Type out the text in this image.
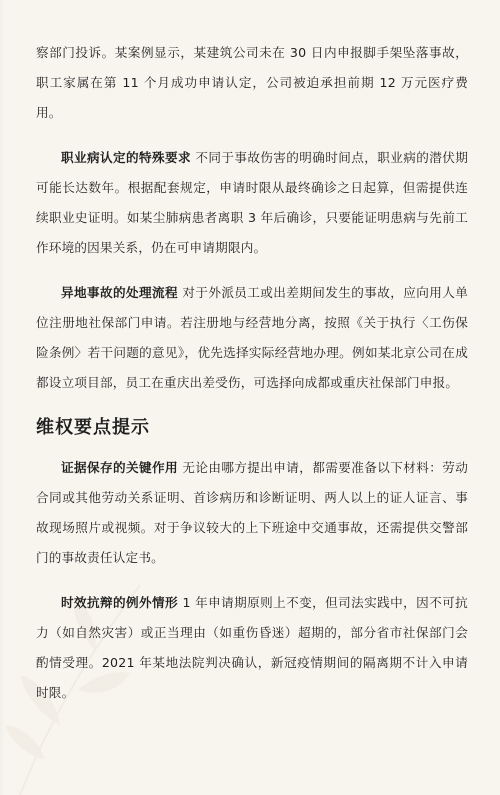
察部门投诉。某案例显示，某建筑公司未在 30 日内申报脚手架坠落事故，职工家属在第 11 个月成功申请认定，公司被迫承担前期 12 万元医疗费用。

职业病认定的特殊要求 不同于事故伤害的明确时间点，职业病的潜伏期可能长达数年。根据配套规定，申请时限从最终确诊之日起算，但需提供连续职业史证明。如某尘肺病患者离职 3 年后确诊，只要能证明患病与先前工作环境的因果关系，仍在可申请期限内。

异地事故的处理流程 对于外派员工或出差期间发生的事故，应向用人单位注册地社保部门申请。若注册地与经营地分离，按照《关于执行〈工伤保险条例〉若干问题的意见》，优先选择实际经营地办理。例如某北京公司在成都设立项目部，员工在重庆出差受伤，可选择向成都或重庆社保部门申报。

维权要点提示

证据保存的关键作用 无论由哪方提出申请，都需要准备以下材料：劳动合同或其他劳动关系证明、首诊病历和诊断证明、两人以上的证人证言、事故现场照片或视频。对于争议较大的上下班途中交通事故，还需提供交警部门的事故责任认定书。

时效抗辩的例外情形 1 年申请期原则上不变，但司法实践中，因不可抗力（如自然灾害）或正当理由（如重伤昏迷）超期的，部分省市社保部门会酌情受理。2021 年某地法院判决确认，新冠疫情期间的隔离期不计入申请时限。
